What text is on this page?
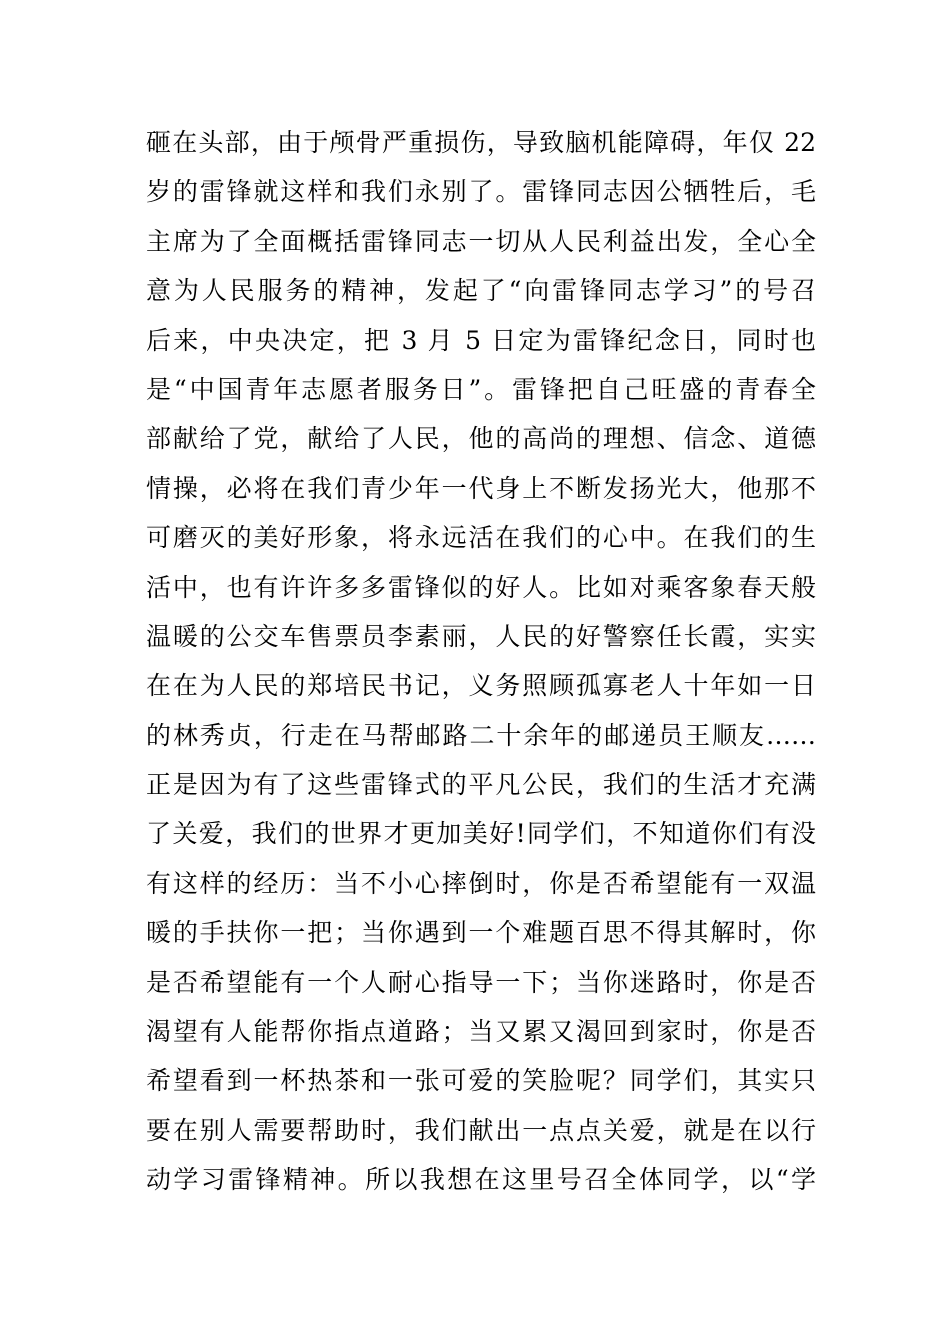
砸在头部，由于颅骨严重损伤，导致脑机能障碍，年仅 22
岁的雷锋就这样和我们永别了。雷锋同志因公牺牲后，毛
主席为了全面概括雷锋同志一切从人民利益出发，全心全
意为人民服务的精神，发起了“向雷锋同志学习”的号召
后来，中央决定，把 3 月 5 日定为雷锋纪念日，同时也
是“中国青年志愿者服务日”。雷锋把自己旺盛的青春全
部献给了党，献给了人民，他的高尚的理想、信念、道德
情操，必将在我们青少年一代身上不断发扬光大，他那不
可磨灭的美好形象，将永远活在我们的心中。在我们的生
活中，也有许许多多雷锋似的好人。比如对乘客象春天般
温暖的公交车售票员李素丽，人民的好警察任长霞，实实
在在为人民的郑培民书记，义务照顾孤寡老人十年如一日
的林秀贞，行走在马帮邮路二十余年的邮递员王顺友……
正是因为有了这些雷锋式的平凡公民，我们的生活才充满
了关爱，我们的世界才更加美好!同学们，不知道你们有没
有这样的经历：当不小心摔倒时，你是否希望能有一双温
暖的手扶你一把；当你遇到一个难题百思不得其解时，你
是否希望能有一个人耐心指导一下；当你迷路时，你是否
渴望有人能帮你指点道路；当又累又渴回到家时，你是否
希望看到一杯热茶和一张可爱的笑脸呢？同学们，其实只
要在别人需要帮助时，我们献出一点点关爱，就是在以行
动学习雷锋精神。所以我想在这里号召全体同学，以“学
